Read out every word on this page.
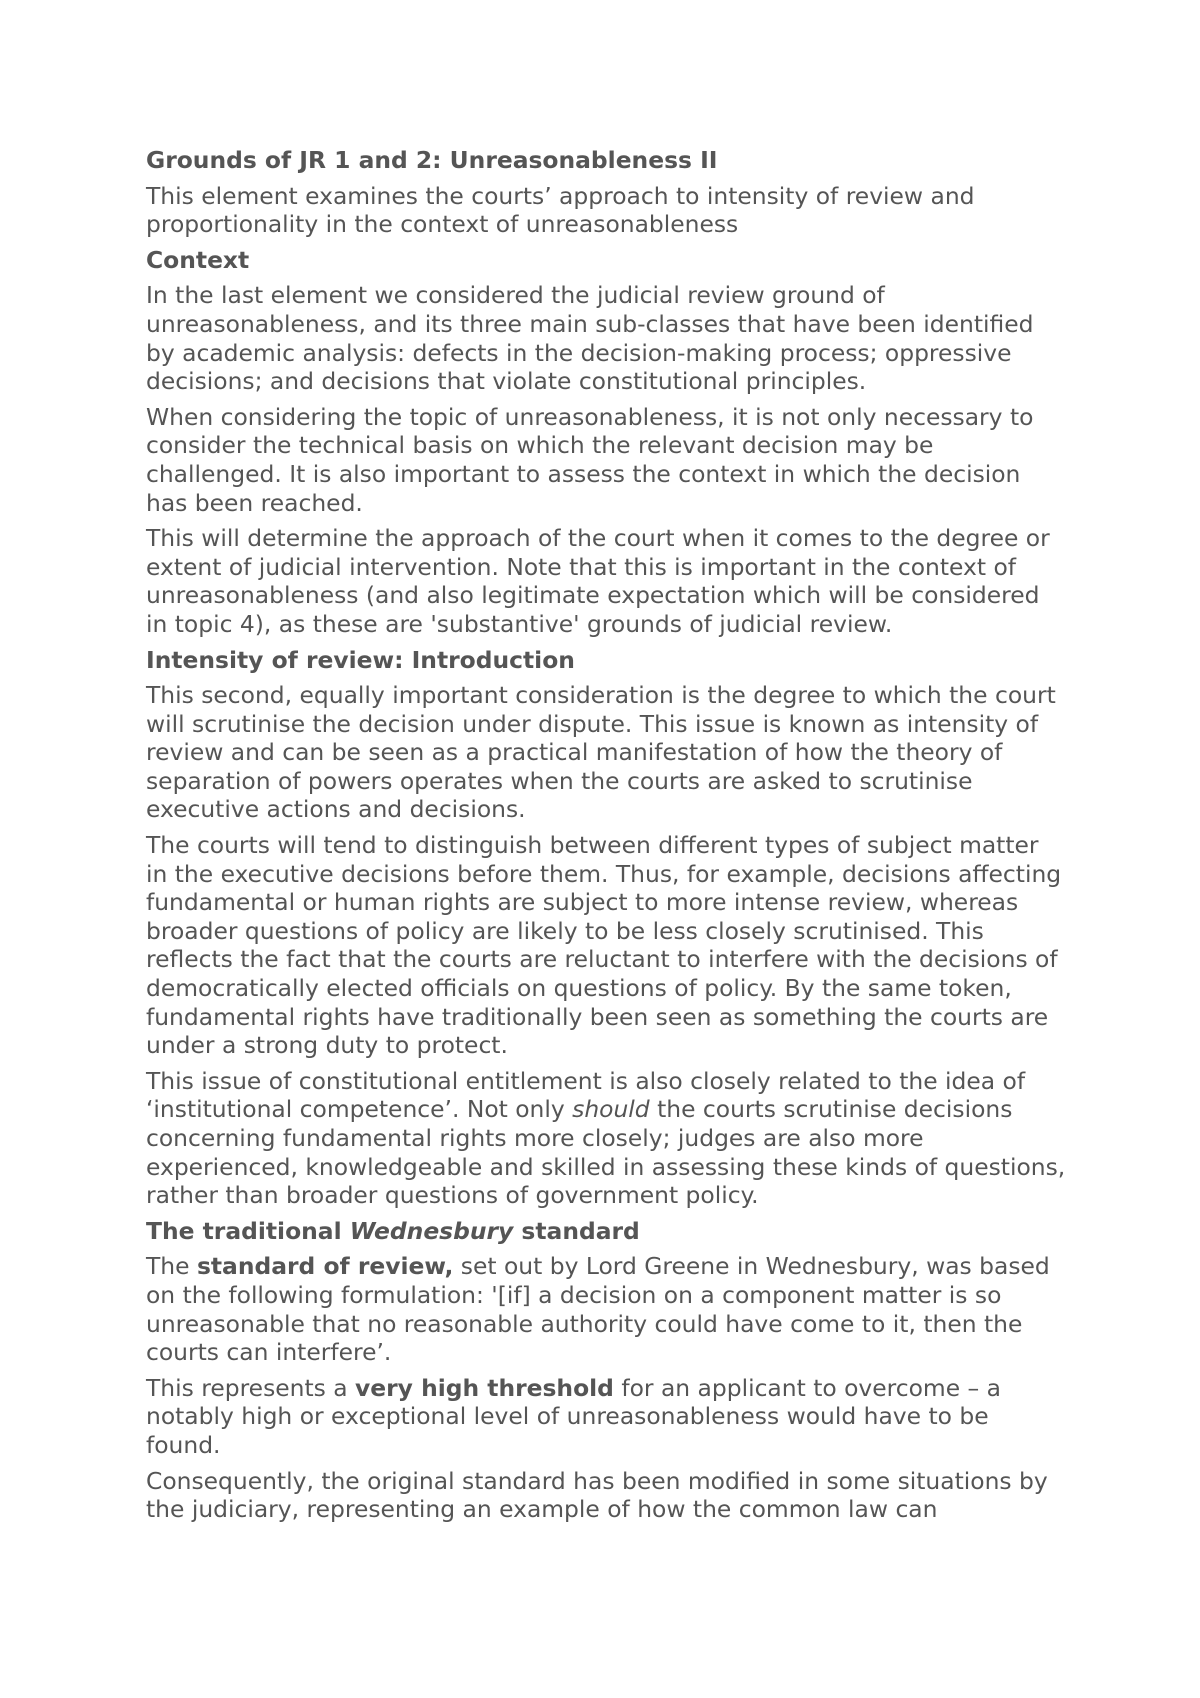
Grounds of JR 1 and 2: Unreasonableness II

This element examines the courts’ approach to intensity of review and proportionality in the context of unreasonableness

Context

In the last element we considered the judicial review ground of unreasonableness, and its three main sub-classes that have been identified by academic analysis: defects in the decision-making process; oppressive decisions; and decisions that violate constitutional principles.

When considering the topic of unreasonableness, it is not only necessary to consider the technical basis on which the relevant decision may be challenged. It is also important to assess the context in which the decision has been reached.

This will determine the approach of the court when it comes to the degree or extent of judicial intervention. Note that this is important in the context of unreasonableness (and also legitimate expectation which will be considered in topic 4), as these are 'substantive' grounds of judicial review.

Intensity of review: Introduction

This second, equally important consideration is the degree to which the court will scrutinise the decision under dispute. This issue is known as intensity of review and can be seen as a practical manifestation of how the theory of separation of powers operates when the courts are asked to scrutinise executive actions and decisions.

The courts will tend to distinguish between different types of subject matter in the executive decisions before them. Thus, for example, decisions affecting fundamental or human rights are subject to more intense review, whereas broader questions of policy are likely to be less closely scrutinised. This reflects the fact that the courts are reluctant to interfere with the decisions of democratically elected officials on questions of policy. By the same token, fundamental rights have traditionally been seen as something the courts are under a strong duty to protect.

This issue of constitutional entitlement is also closely related to the idea of ‘institutional competence’. Not only should the courts scrutinise decisions concerning fundamental rights more closely; judges are also more experienced, knowledgeable and skilled in assessing these kinds of questions, rather than broader questions of government policy.

The traditional Wednesbury standard

The standard of review, set out by Lord Greene in Wednesbury, was based on the following formulation: '[if] a decision on a component matter is so unreasonable that no reasonable authority could have come to it, then the courts can interfere’.

This represents a very high threshold for an applicant to overcome – a notably high or exceptional level of unreasonableness would have to be found.

Consequently, the original standard has been modified in some situations by the judiciary, representing an example of how the common law can
